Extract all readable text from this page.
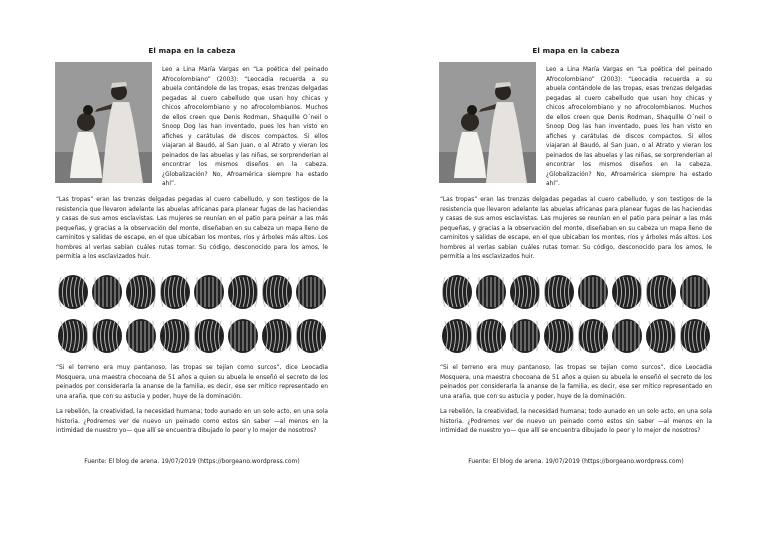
El mapa en la cabeza

Leo a Lina María Vargas en “La poética del peinado Afrocolombiano” (2003): “Leocadia recuerda a su abuela contándole de las tropas, esas trenzas delgadas pegadas al cuero cabelludo que usan hoy chicas y chicos afrocolombiano y no afrocolombianos. Muchos de ellos creen que Denis Rodman, Shaquille O´neil o Snoop Dog las han inventado, pues los han visto en afiches y carátulas de discos compactos. Si ellos viajaran al Baudó, al San Juan, o al Atrato y vieran los peinados de las abuelas y las niñas, se sorprenderían al encontrar los mismos diseños en la cabeza. ¿Globalización? No, Afroamérica siempre ha estado ahí”.

“Las tropas” eran las trenzas delgadas pegadas al cuero cabelludo, y son testigos de la resistencia que llevaron adelante las abuelas africanas para planear fugas de las haciendas y casas de sus amos esclavistas. Las mujeres se reunían en el patio para peinar a las más pequeñas, y gracias a la observación del monte, diseñaban en su cabeza un mapa lleno de caminitos y salidas de escape, en el que ubicaban los montes, ríos y árboles más altos. Los hombres al verlas sabían cuáles rutas tomar. Su código, desconocido para los amos, le permitía a los esclavizados huir.

“Si el terreno era muy pantanoso, las tropas se tejían como surcos”, dice Leocadia Mosquera, una maestra chocoana de 51 años a quien su abuela le enseñó el secreto de los peinados por considerarla la ananse de la familia, es decir, ese ser mítico representado en una araña, que con su astucia y poder, huye de la dominación.

La rebelión, la creatividad, la necesidad humana; todo aunado en un solo acto, en una sola historia. ¿Podremos ver de nuevo un peinado como estos sin saber —al menos en la intimidad de nuestro yo— que allí se encuentra dibujado lo peor y lo mejor de nosotros?

Fuente: El blog de arena. 19/07/2019 (https://borgeano.wordpress.com)
El mapa en la cabeza

Leo a Lina María Vargas en “La poética del peinado Afrocolombiano” (2003): “Leocadia recuerda a su abuela contándole de las tropas, esas trenzas delgadas pegadas al cuero cabelludo que usan hoy chicas y chicos afrocolombiano y no afrocolombianos. Muchos de ellos creen que Denis Rodman, Shaquille O´neil o Snoop Dog las han inventado, pues los han visto en afiches y carátulas de discos compactos. Si ellos viajaran al Baudó, al San Juan, o al Atrato y vieran los peinados de las abuelas y las niñas, se sorprenderían al encontrar los mismos diseños en la cabeza. ¿Globalización? No, Afroamérica siempre ha estado ahí”.

“Las tropas” eran las trenzas delgadas pegadas al cuero cabelludo, y son testigos de la resistencia que llevaron adelante las abuelas africanas para planear fugas de las haciendas y casas de sus amos esclavistas. Las mujeres se reunían en el patio para peinar a las más pequeñas, y gracias a la observación del monte, diseñaban en su cabeza un mapa lleno de caminitos y salidas de escape, en el que ubicaban los montes, ríos y árboles más altos. Los hombres al verlas sabían cuáles rutas tomar. Su código, desconocido para los amos, le permitía a los esclavizados huir.

“Si el terreno era muy pantanoso, las tropas se tejían como surcos”, dice Leocadia Mosquera, una maestra chocoana de 51 años a quien su abuela le enseñó el secreto de los peinados por considerarla la ananse de la familia, es decir, ese ser mítico representado en una araña, que con su astucia y poder, huye de la dominación.

La rebelión, la creatividad, la necesidad humana; todo aunado en un solo acto, en una sola historia. ¿Podremos ver de nuevo un peinado como estos sin saber —al menos en la intimidad de nuestro yo— que allí se encuentra dibujado lo peor y lo mejor de nosotros?

Fuente: El blog de arena. 19/07/2019 (https://borgeano.wordpress.com)
